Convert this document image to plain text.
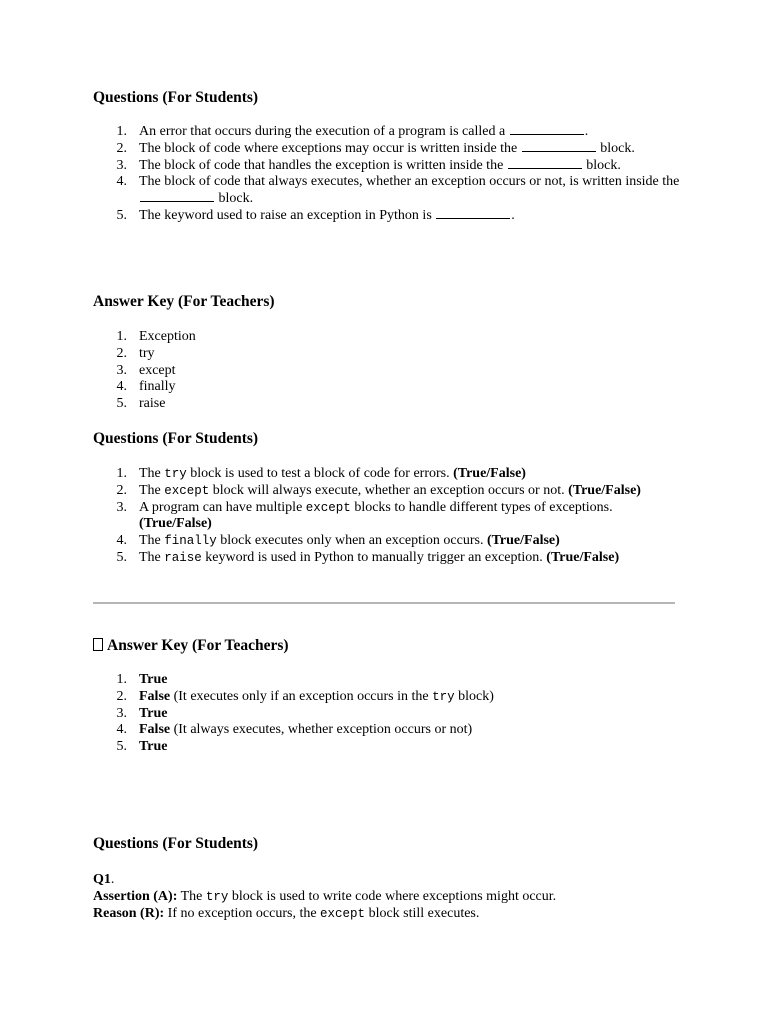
Questions (For Students)
1. An error that occurs during the execution of a program is called a	.
2. The block of code where exceptions may occur is written inside the	block.
3. The block of code that handles the exception is written inside the	block.
4. The block of code that always executes, whether an exception occurs or not, is written inside the  block.
5. The keyword used to raise an exception in Python is	.
Answer Key (For Teachers)
1. Exception
2. try
3. except
4. finally
5. raise
Questions (For Students)
1. The try block is used to test a block of code for errors. (True/False)
2. The except block will always execute, whether an exception occurs or not. (True/False)
3. A program can have multiple except blocks to handle different types of exceptions. (True/False)
4. The finally block executes only when an exception occurs. (True/False)
5. The raise keyword is used in Python to manually trigger an exception. (True/False)
Answer Key (For Teachers)
1. True
2. False (It executes only if an exception occurs in the try block)
3. True
4. False (It always executes, whether exception occurs or not)
5. True
Questions (For Students)

Q1.

Assertion (A): The try block is used to write code where exceptions might occur.

Reason (R): If no exception occurs, the except block still executes.
